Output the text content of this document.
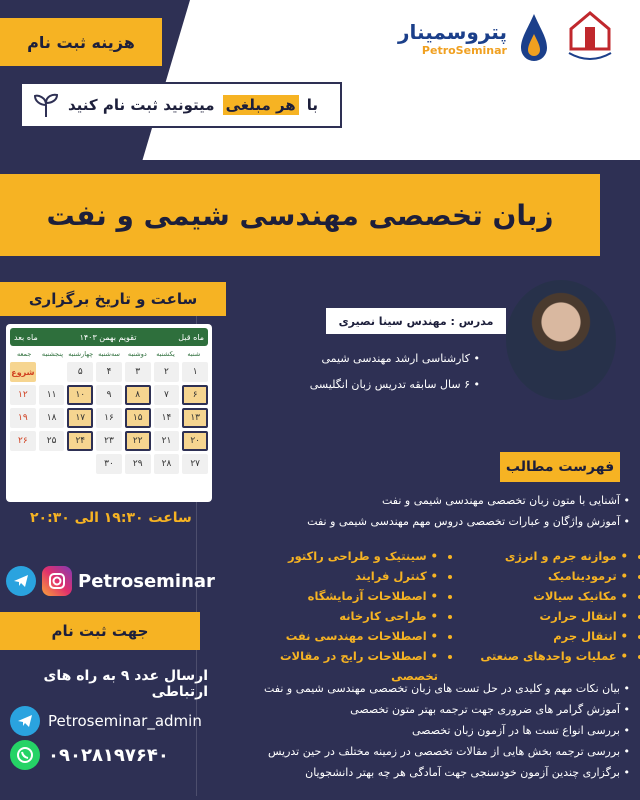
هزینه ثبت نام
با
هر مبلغی
میتونید ثبت نام کنید
پتروسمینار
PetroSeminar
همراه با گواهی پایان دوره
زبان تخصصی مهندسی شیمی و نفت
ساعت و تاریخ برگزاری
ماه بعد	تقویم بهمن ۱۴۰۳	ماه قبل
شنبه
یکشنبه
دوشنبه
سه‌شنبه
چهارشنبه
پنجشنبه
جمعه
۱
۲
۳
۴
۵
شروع
۶
۷
۸
۹
۱۰
۱۱
۱۲
۱۳
۱۴
۱۵
۱۶
۱۷
۱۸
۱۹
۲۰
۲۱
۲۲
۲۳
۲۴
۲۵
۲۶
۲۷
۲۸
۲۹
۳۰
ساعت ۱۹:۳۰ الی ۲۰:۳۰
Petroseminar
جهت ثبت نام
ارسال عدد ۹ به راه های ارتباطی
Petroseminar_admin
۰۹۰۲۸۱۹۷۶۴۰
مدرس : مهندس سینا نصیری
• کارشناسی ارشد مهندسی شیمی
• ۶ سال سابقه تدریس زبان انگلیسی
فهرست مطالب
• آشنایی با متون زبان تخصصی مهندسی شیمی و نفت
• آموزش واژگان و عبارات تخصصی دروس مهم مهندسی شیمی و نفت
• • موازنه جرم و انرژی
• • ترمودینامیک
• • مکانیک سیالات
• • انتقال حرارت
• • انتقال جرم
• • عملیات واحدهای صنعتی
• • سینتیک و طراحی راکتور
• • کنترل فرایند
• • اصطلاحات آزمایشگاه
• • طراحی کارخانه
• • اصطلاحات مهندسی نفت
• • اصطلاحات رایج در مقالات تخصصی
• بیان نکات مهم و کلیدی در حل تست های زبان تخصصی مهندسی شیمی و نفت
• آموزش گرامر های ضروری جهت ترجمه بهتر متون تخصصی
• بررسی انواع تست ها در آزمون زبان تخصصی
• بررسی ترجمه بخش هایی از مقالات تخصصی در زمینه مختلف در حین تدریس
• برگزاری چندین آزمون خودسنجی جهت آمادگی هر چه بهتر دانشجویان
